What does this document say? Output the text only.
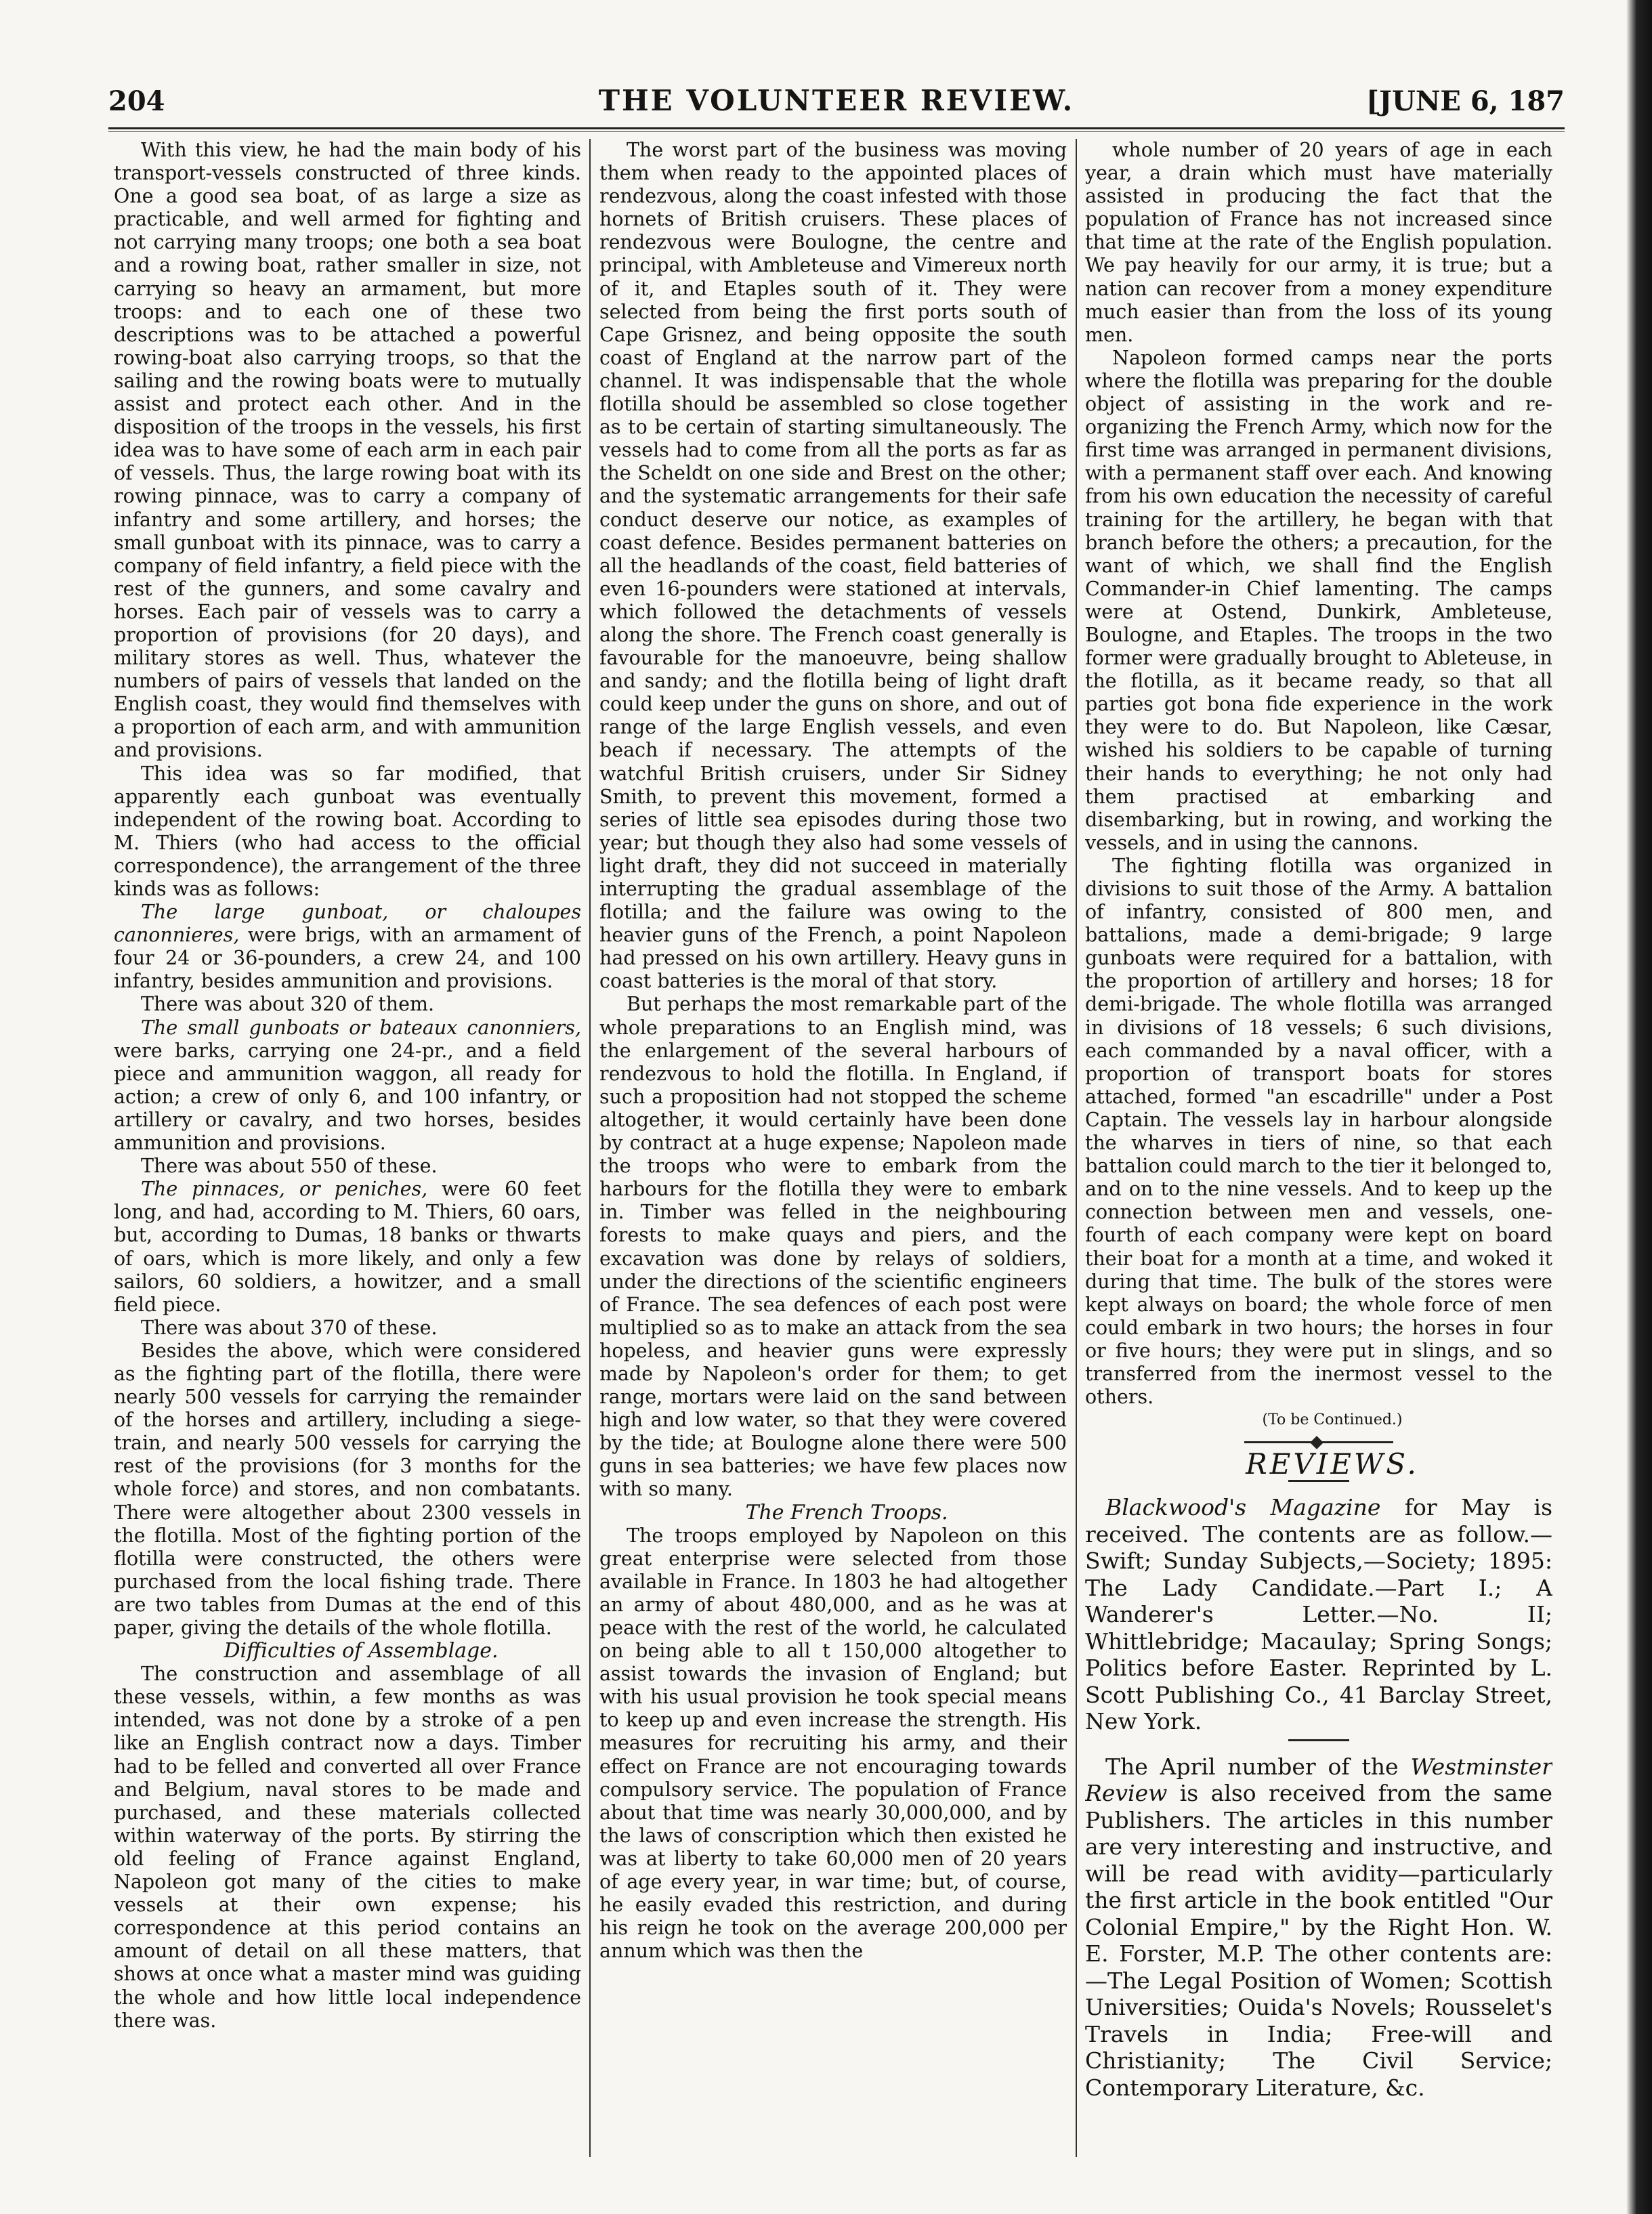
204	THE VOLUNTEER REVIEW.	[JUNE 6, 187

With this view, he had the main body of his transport-vessels constructed of three kinds. One a good sea boat, of as large a size as practicable, and well armed for fighting and not carrying many troops; one both a sea boat and a rowing boat, rather smaller in size, not carrying so heavy an armament, but more troops: and to each one of these two descriptions was to be attached a powerful rowing-boat also carrying troops, so that the sailing and the rowing boats were to mutually assist and protect each other. And in the disposition of the troops in the vessels, his first idea was to have some of each arm in each pair of vessels. Thus, the large rowing boat with its rowing pinnace, was to carry a company of infantry and some artillery, and horses; the small gunboat with its pinnace, was to carry a company of field infantry, a field piece with the rest of the gunners, and some cavalry and horses. Each pair of vessels was to carry a proportion of provisions (for 20 days), and military stores as well. Thus, whatever the numbers of pairs of vessels that landed on the English coast, they would find themselves with a proportion of each arm, and with ammunition and provisions.

This idea was so far modified, that apparently each gunboat was eventually independent of the rowing boat. According to M. Thiers (who had access to the official correspondence), the arrangement of the three kinds was as follows:

The large gunboat, or chaloupes canonnieres, were brigs, with an armament of four 24 or 36-pounders, a crew 24, and 100 infantry, besides ammunition and provisions.

There was about 320 of them.

The small gunboats or bateaux canonniers, were barks, carrying one 24-pr., and a field piece and ammunition waggon, all ready for action; a crew of only 6, and 100 infantry, or artillery or cavalry, and two horses, besides ammunition and provisions.

There was about 550 of these.

The pinnaces, or peniches, were 60 feet long, and had, according to M. Thiers, 60 oars, but, according to Dumas, 18 banks or thwarts of oars, which is more likely, and only a few sailors, 60 soldiers, a howitzer, and a small field piece.

There was about 370 of these.

Besides the above, which were considered as the fighting part of the flotilla, there were nearly 500 vessels for carrying the remainder of the horses and artillery, including a siege-train, and nearly 500 vessels for carrying the rest of the provisions (for 3 months for the whole force) and stores, and non combatants. There were altogether about 2300 vessels in the flotilla. Most of the fighting portion of the flotilla were constructed, the others were purchased from the local fishing trade. There are two tables from Dumas at the end of this paper, giving the details of the whole flotilla.

Difficulties of Assemblage.

The construction and assemblage of all these vessels, within, a few months as was intended, was not done by a stroke of a pen like an English contract now a days. Timber had to be felled and converted all over France and Belgium, naval stores to be made and purchased, and these materials collected within waterway of the ports. By stirring the old feeling of France against England, Napoleon got many of the cities to make vessels at their own expense; his correspondence at this period contains an amount of detail on all these matters, that shows at once what a master mind was guiding the whole and how little local independence there was.

The worst part of the business was moving them when ready to the appointed places of rendezvous, along the coast infested with those hornets of British cruisers. These places of rendezvous were Boulogne, the centre and principal, with Ambleteuse and Vimereux north of it, and Etaples south of it. They were selected from being the first ports south of Cape Grisnez, and being opposite the south coast of England at the narrow part of the channel. It was indispensable that the whole flotilla should be assembled so close together as to be certain of starting simultaneously. The vessels had to come from all the ports as far as the Scheldt on one side and Brest on the other; and the systematic arrangements for their safe conduct deserve our notice, as examples of coast defence. Besides permanent batteries on all the headlands of the coast, field batteries of even 16-pounders were stationed at intervals, which followed the detachments of vessels along the shore. The French coast generally is favourable for the manoeuvre, being shallow and sandy; and the flotilla being of light draft could keep under the guns on shore, and out of range of the large English vessels, and even beach if necessary. The attempts of the watchful British cruisers, under Sir Sidney Smith, to prevent this movement, formed a series of little sea episodes during those two year; but though they also had some vessels of light draft, they did not succeed in materially interrupting the gradual assemblage of the flotilla; and the failure was owing to the heavier guns of the French, a point Napoleon had pressed on his own artillery. Heavy guns in coast batteries is the moral of that story.

But perhaps the most remarkable part of the whole preparations to an English mind, was the enlargement of the several harbours of rendezvous to hold the flotilla. In England, if such a proposition had not stopped the scheme altogether, it would certainly have been done by contract at a huge expense; Napoleon made the troops who were to embark from the harbours for the flotilla they were to embark in. Timber was felled in the neighbouring forests to make quays and piers, and the excavation was done by relays of soldiers, under the directions of the scientific engineers of France. The sea defences of each post were multiplied so as to make an attack from the sea hopeless, and heavier guns were expressly made by Napoleon's order for them; to get range, mortars were laid on the sand between high and low water, so that they were covered by the tide; at Boulogne alone there were 500 guns in sea batteries; we have few places now with so many.

The French Troops.

The troops employed by Napoleon on this great enterprise were selected from those available in France. In 1803 he had altogether an army of about 480,000, and as he was at peace with the rest of the world, he calculated on being able to all t 150,000 altogether to assist towards the invasion of England; but with his usual provision he took special means to keep up and even increase the strength. His measures for recruiting his army, and their effect on France are not encouraging towards compulsory service. The population of France about that time was nearly 30,000,000, and by the laws of conscription which then existed he was at liberty to take 60,000 men of 20 years of age every year, in war time; but, of course, he easily evaded this restriction, and during his reign he took on the average 200,000 per annum which was then the

whole number of 20 years of age in each year, a drain which must have materially assisted in producing the fact that the population of France has not increased since that time at the rate of the English population. We pay heavily for our army, it is true; but a nation can recover from a money expenditure much easier than from the loss of its young men.

Napoleon formed camps near the ports where the flotilla was preparing for the double object of assisting in the work and re-organizing the French Army, which now for the first time was arranged in permanent divisions, with a permanent staff over each. And knowing from his own education the necessity of careful training for the artillery, he began with that branch before the others; a precaution, for the want of which, we shall find the English Commander-in Chief lamenting. The camps were at Ostend, Dunkirk, Ambleteuse, Boulogne, and Etaples. The troops in the two former were gradually brought to Ableteuse, in the flotilla, as it became ready, so that all parties got bona fide experience in the work they were to do. But Napoleon, like Cæsar, wished his soldiers to be capable of turning their hands to everything; he not only had them practised at embarking and disembarking, but in rowing, and working the vessels, and in using the cannons.

The fighting flotilla was organized in divisions to suit those of the Army. A battalion of infantry, consisted of 800 men, and battalions, made a demi-brigade; 9 large gunboats were required for a battalion, with the proportion of artillery and horses; 18 for demi-brigade. The whole flotilla was arranged in divisions of 18 vessels; 6 such divisions, each commanded by a naval officer, with a proportion of transport boats for stores attached, formed "an escadrille" under a Post Captain. The vessels lay in harbour alongside the wharves in tiers of nine, so that each battalion could march to the tier it belonged to, and on to the nine vessels. And to keep up the connection between men and vessels, one-fourth of each company were kept on board their boat for a month at a time, and woked it during that time. The bulk of the stores were kept always on board; the whole force of men could embark in two hours; the horses in four or five hours; they were put in slings, and so transferred from the inermost vessel to the others.

(To be Continued.)

REVIEWS.

Blackwood's Magazine for May is received. The contents are as follow.—Swift; Sunday Subjects,—Society; 1895: The Lady Candidate.—Part I.; A Wanderer's Letter.—No. II; Whittlebridge; Macaulay; Spring Songs; Politics before Easter. Reprinted by L. Scott Publishing Co., 41 Barclay Street, New York.

The April number of the Westminster Review is also received from the same Publishers. The articles in this number are very interesting and instructive, and will be read with avidity—particularly the first article in the book entitled "Our Colonial Empire," by the Right Hon. W. E. Forster, M.P. The other contents are:—The Legal Position of Women; Scottish Universities; Ouida's Novels; Rousselet's Travels in India; Free-will and Christianity; The Civil Service; Contemporary Literature, &c.
